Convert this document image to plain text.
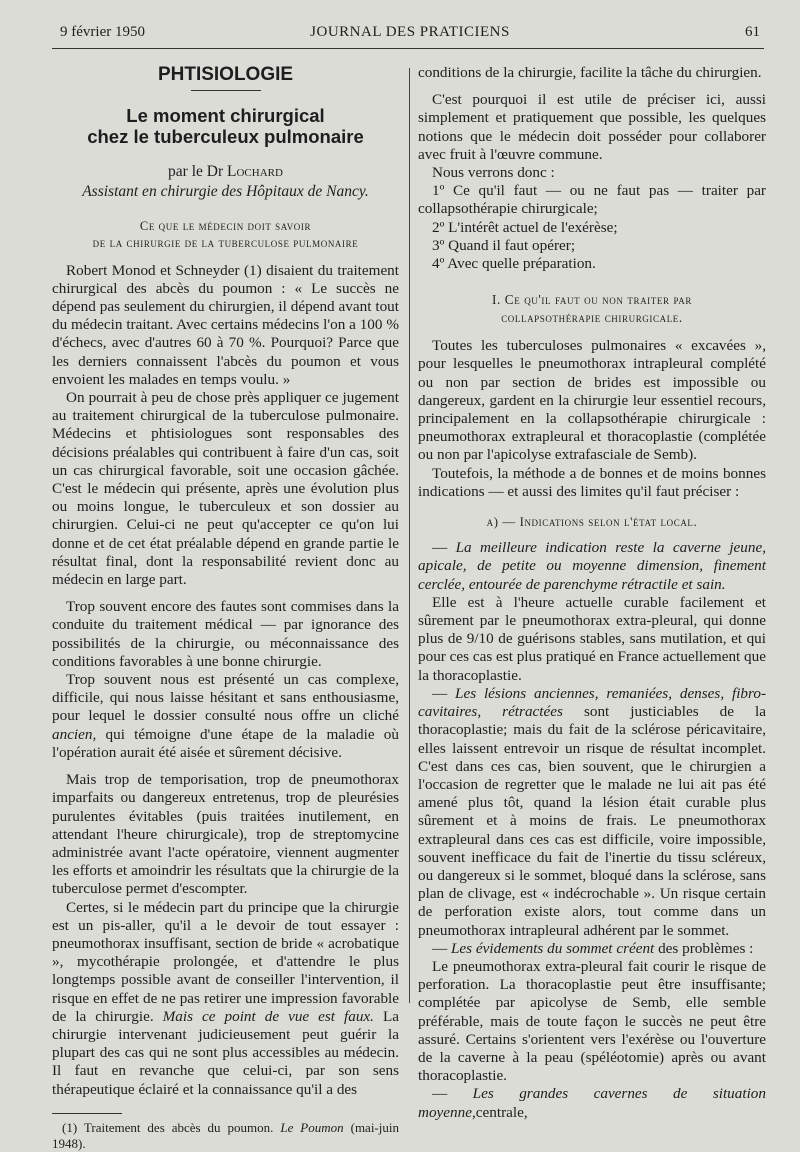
9 février 1950	JOURNAL DES PRATICIENS	61
PHTISIOLOGIE
Le moment chirurgical
chez le tuberculeux pulmonaire
par le Dr Lochard
Assistant en chirurgie des Hôpitaux de Nancy.
Ce que le médecin doit savoir
de la chirurgie de la tuberculose pulmonaire

Robert Monod et Schneyder (1) disaient du traitement chirurgical des abcès du poumon : « Le succès ne dépend pas seulement du chirurgien, il dépend avant tout du médecin traitant. Avec certains médecins l'on a 100 % d'échecs, avec d'autres 60 à 70 %. Pourquoi? Parce que les derniers connaissent l'abcès du poumon et vous envoient les malades en temps voulu. »

On pourrait à peu de chose près appliquer ce jugement au traitement chirurgical de la tuberculose pulmonaire. Médecins et phtisiologues sont responsables des décisions préalables qui contribuent à faire d'un cas, soit un cas chirurgical favorable, soit une occasion gâchée. C'est le médecin qui présente, après une évolution plus ou moins longue, le tuberculeux et son dossier au chirurgien. Celui-ci ne peut qu'accepter ce qu'on lui donne et de cet état préalable dépend en grande partie le résultat final, dont la responsabilité revient donc au médecin en large part.

Trop souvent encore des fautes sont commises dans la conduite du traitement médical — par ignorance des possibilités de la chirurgie, ou méconnaissance des conditions favorables à une bonne chirurgie.

Trop souvent nous est présenté un cas complexe, difficile, qui nous laisse hésitant et sans enthousiasme, pour lequel le dossier consulté nous offre un cliché ancien, qui témoigne d'une étape de la maladie où l'opération aurait été aisée et sûrement décisive.

Mais trop de temporisation, trop de pneumothorax imparfaits ou dangereux entretenus, trop de pleurésies purulentes évitables (puis traitées inutilement, en attendant l'heure chirurgicale), trop de streptomycine administrée avant l'acte opératoire, viennent augmenter les efforts et amoindrir les résultats que la chirurgie de la tuberculose permet d'escompter.

Certes, si le médecin part du principe que la chirurgie est un pis-aller, qu'il a le devoir de tout essayer : pneumothorax insuffisant, section de bride « acrobatique », mycothérapie prolongée, et d'attendre le plus longtemps possible avant de conseiller l'intervention, il risque en effet de ne pas retirer une impression favorable de la chirurgie. Mais ce point de vue est faux. La chirurgie intervenant judicieusement peut guérir la plupart des cas qui ne sont plus accessibles au médecin. Il faut en revanche que celui-ci, par son sens thérapeutique éclairé et la connaissance qu'il a des

(1) Traitement des abcès du poumon. Le Poumon (mai-juin 1948).

conditions de la chirurgie, facilite la tâche du chirurgien.

C'est pourquoi il est utile de préciser ici, aussi simplement et pratiquement que possible, les quelques notions que le médecin doit posséder pour collaborer avec fruit à l'œuvre commune.

Nous verrons donc :

1º Ce qu'il faut — ou ne faut pas — traiter par collapsothérapie chirurgicale;

2º L'intérêt actuel de l'exérèse;

3º Quand il faut opérer;

4º Avec quelle préparation.

I. Ce qu'il faut ou non traiter par
collapsothérapie chirurgicale.

Toutes les tuberculoses pulmonaires « excavées », pour lesquelles le pneumothorax intrapleural complété ou non par section de brides est impossible ou dangereux, gardent en la chirurgie leur essentiel recours, principalement en la collapsothérapie chirurgicale : pneumothorax extrapleural et thoracoplastie (complétée ou non par l'apicolyse extrafasciale de Semb).

Toutefois, la méthode a de bonnes et de moins bonnes indications — et aussi des limites qu'il faut préciser :

a) — Indications selon l'état local.

— La meilleure indication reste la caverne jeune, apicale, de petite ou moyenne dimension, finement cerclée, entourée de parenchyme rétractile et sain.

Elle est à l'heure actuelle curable facilement et sûrement par le pneumothorax extra-pleural, qui donne plus de 9/10 de guérisons stables, sans mutilation, et qui pour ces cas est plus pratiqué en France actuellement que la thoracoplastie.

— Les lésions anciennes, remaniées, denses, fibro-cavitaires, rétractées sont justiciables de la thoracoplastie; mais du fait de la sclérose péricavitaire, elles laissent entrevoir un risque de résultat incomplet. C'est dans ces cas, bien souvent, que le chirurgien a l'occasion de regretter que le malade ne lui ait pas été amené plus tôt, quand la lésion était curable plus sûrement et à moins de frais. Le pneumothorax extrapleural dans ces cas est difficile, voire impossible, souvent inefficace du fait de l'inertie du tissu scléreux, ou dangereux si le sommet, bloqué dans la sclérose, sans plan de clivage, est « indécrochable ». Un risque certain de perforation existe alors, tout comme dans un pneumothorax intrapleural adhérent par le sommet.

— Les évidements du sommet créent des problèmes :

Le pneumothorax extra-pleural fait courir le risque de perforation. La thoracoplastie peut être insuffisante; complétée par apicolyse de Semb, elle semble préférable, mais de toute façon le succès ne peut être assuré. Certains s'orientent vers l'exérèse ou l'ouverture de la caverne à la peau (spéléotomie) après ou avant thoracoplastie.

— Les grandes cavernes de situation moyenne,centrale,
